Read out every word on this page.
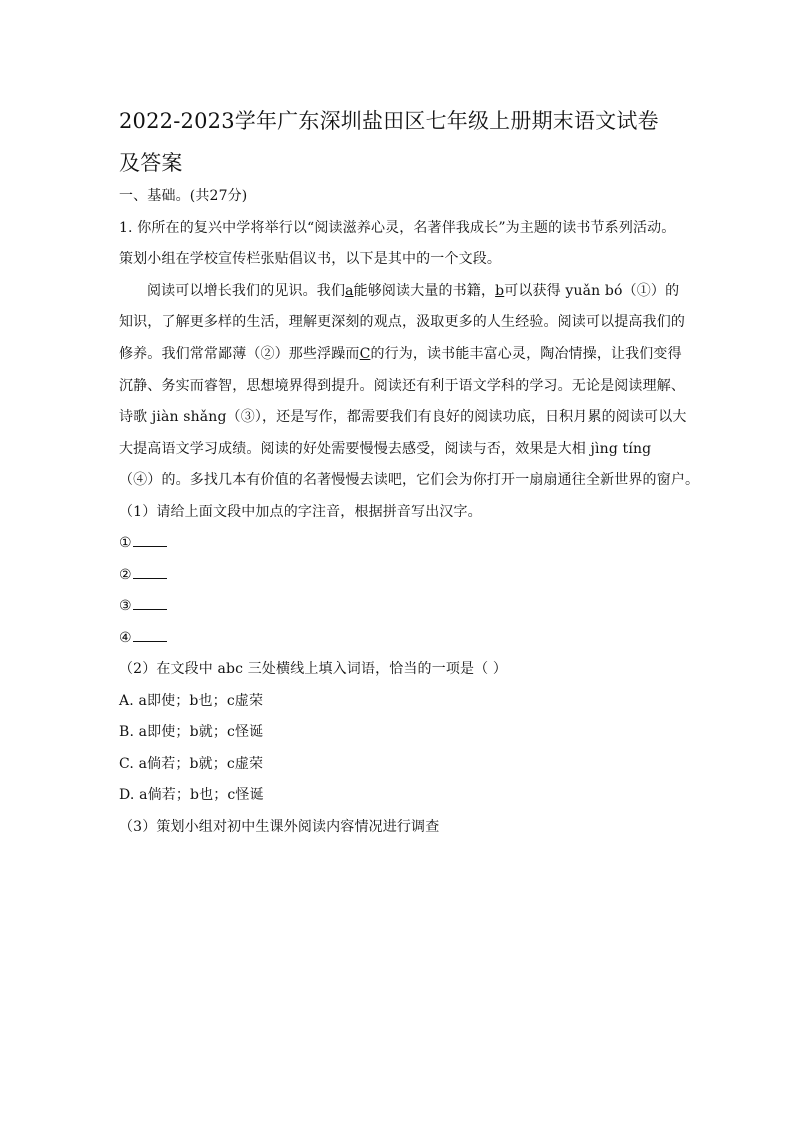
2022-2023学年广东深圳盐田区七年级上册期末语文试卷及答案
一、基础。(共27分)
1. 你所在的复兴中学将举行以“阅读滋养心灵，名著伴我成长”为主题的读书节系列活动。
策划小组在学校宣传栏张贴倡议书，以下是其中的一个文段。
阅读可以增长我们的见识。我们a能够阅读大量的书籍，b可以获得 yuǎn bó（①）的
知识，了解更多样的生活，理解更深刻的观点，汲取更多的人生经验。阅读可以提高我们的
修养。我们常常鄙薄（②）那些浮躁而C的行为，读书能丰富心灵，陶冶情操，让我们变得
沉静、务实而睿智，思想境界得到提升。阅读还有利于语文学科的学习。无论是阅读理解、
诗歌 jiàn shǎng（③），还是写作，都需要我们有良好的阅读功底，日积月累的阅读可以大
大提高语文学习成绩。阅读的好处需要慢慢去感受，阅读与否，效果是大相 jìng tíng
（④）的。多找几本有价值的名著慢慢去读吧，它们会为你打开一扇扇通往全新世界的窗户。
（1）请给上面文段中加点的字注音，根据拼音写出汉字。
①
②
③
④
（2）在文段中 abc 三处横线上填入词语，恰当的一项是（ ）
A. a即使；b也；c虚荣
B. a即使；b就；c怪诞
C. a倘若；b就；c虚荣
D. a倘若；b也；c怪诞
（3）策划小组对初中生课外阅读内容情况进行调查
